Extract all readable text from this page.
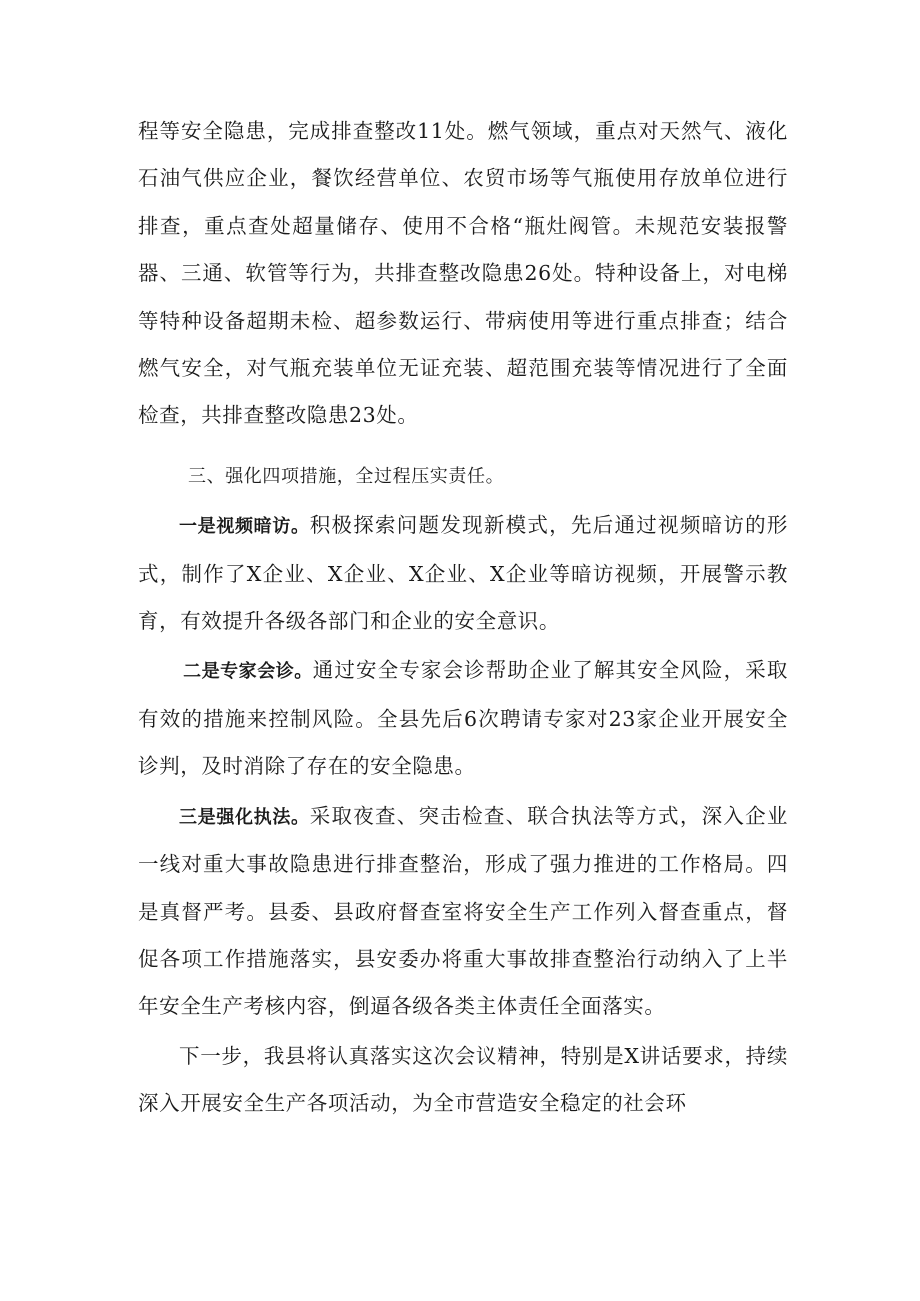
程等安全隐患，完成排查整改11处。燃气领域，重点对天然气、液化石油气供应企业，餐饮经营单位、农贸市场等气瓶使用存放单位进行排查，重点查处超量储存、使用不合格“瓶灶阀管。未规范安装报警器、三通、软管等行为，共排查整改隐患26处。特种设备上，对电梯等特种设备超期未检、超参数运行、带病使用等进行重点排查；结合燃气安全，对气瓶充装单位无证充装、超范围充装等情况进行了全面检查，共排查整改隐患23处。

三、强化四项措施，全过程压实责任。

一是视频暗访。积极探索问题发现新模式，先后通过视频暗访的形式，制作了X企业、X企业、X企业、X企业等暗访视频，开展警示教育，有效提升各级各部门和企业的安全意识。

二是专家会诊。通过安全专家会诊帮助企业了解其安全风险，采取有效的措施来控制风险。全县先后6次聘请专家对23家企业开展安全诊判，及时消除了存在的安全隐患。

三是强化执法。采取夜查、突击检查、联合执法等方式，深入企业一线对重大事故隐患进行排查整治，形成了强力推进的工作格局。四是真督严考。县委、县政府督查室将安全生产工作列入督查重点，督促各项工作措施落实，县安委办将重大事故排查整治行动纳入了上半年安全生产考核内容，倒逼各级各类主体责任全面落实。

下一步，我县将认真落实这次会议精神，特别是X讲话要求，持续深入开展安全生产各项活动，为全市营造安全稳定的社会环
